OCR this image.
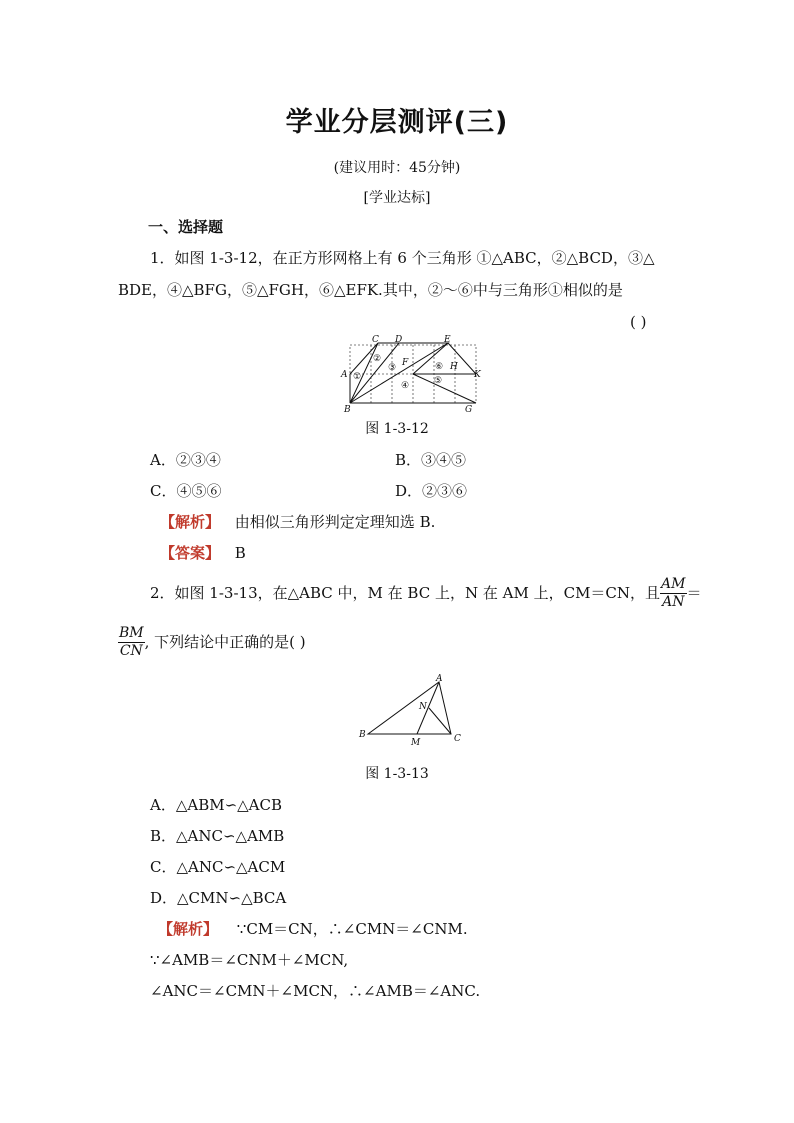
学业分层测评(三)
(建议用时：45分钟)
[学业达标]
一、选择题
1．如图 1-3-12，在正方形网格上有 6 个三角形 ①△ABC，②△BCD，③△
BDE，④△BFG，⑤△FGH，⑥△EFK.其中，②～⑥中与三角形①相似的是
( )
C D	E
A
B
F	H
K
G
①
②
③
④	⑤
⑥
图 1-3-12
A．②③④	B．③④⑤
C．④⑤⑥	D．②③⑥
【解析】 由相似三角形判定定理知选 B.
【答案】 B
2．如图 1-3-13，在△ABC 中，M 在 BC 上，N 在 AM 上，CM＝CN，且 $\frac{AM}{AN}$ ＝
$\frac{BM}{CN}$ , 下列结论中正确的是( )
A
B	C
M
N
图 1-3-13
A．△ABM∽△ACB
B．△ANC∽△AMB
C．△ANC∽△ACM
D．△CMN∽△BCA
【解析】 ∵CM＝CN，∴∠CMN＝∠CNM.
∵∠AMB＝∠CNM＋∠MCN,
∠ANC＝∠CMN＋∠MCN，∴∠AMB＝∠ANC.
